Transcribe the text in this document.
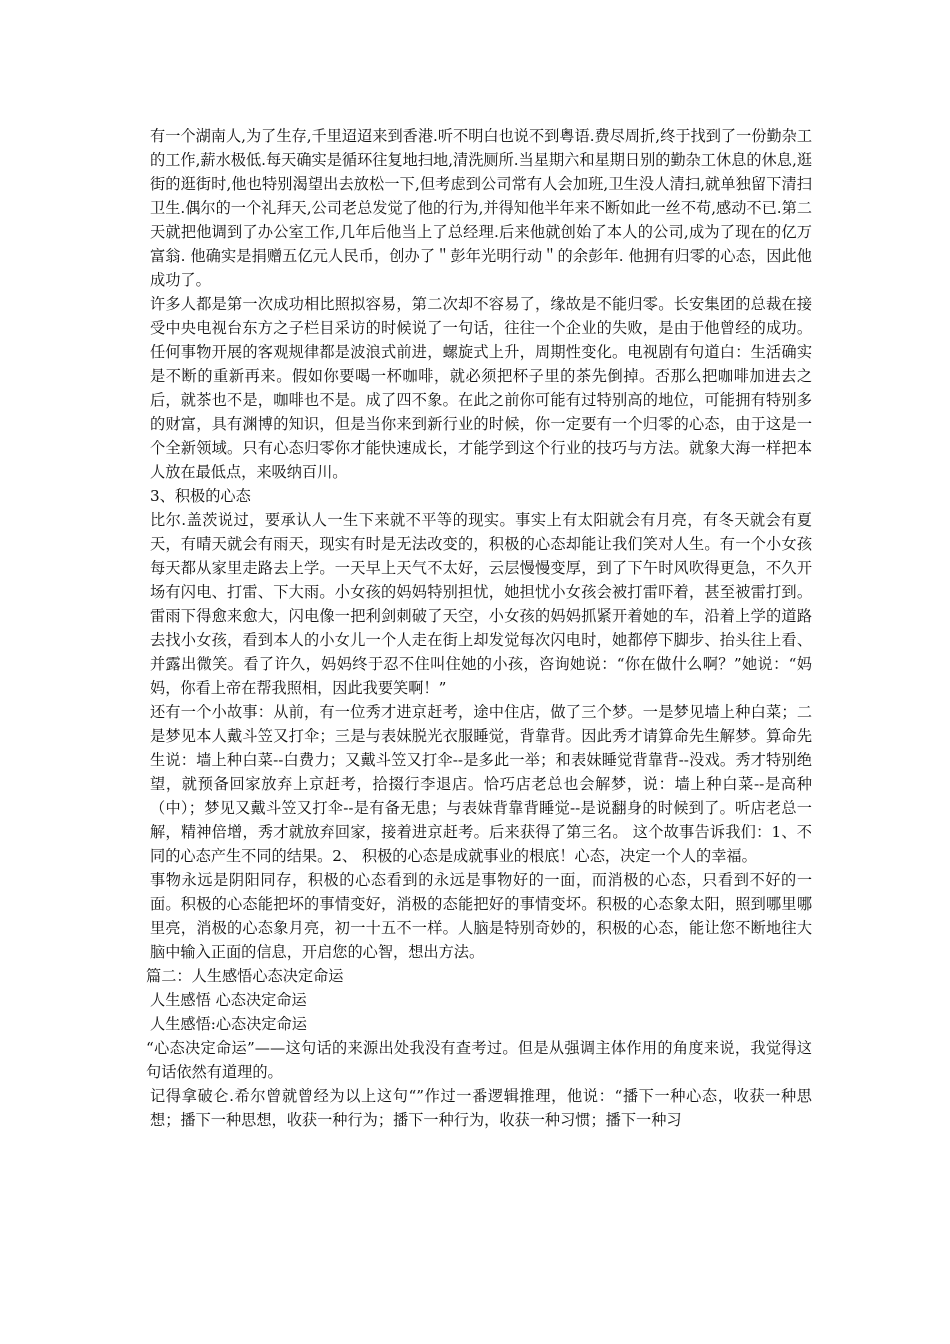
有一个湖南人,为了生存,千里迢迢来到香港.听不明白也说不到粤语.费尽周折,终于找到了一份勤杂工的工作,薪水极低.每天确实是循环往复地扫地,清洗厕所.当星期六和星期日别的勤杂工休息的休息,逛街的逛街时,他也特别渴望出去放松一下,但考虑到公司常有人会加班,卫生没人清扫,就单独留下清扫卫生.偶尔的一个礼拜天,公司老总发觉了他的行为,并得知他半年来不断如此一丝不苟,感动不已.第二天就把他调到了办公室工作,几年后他当上了总经理.后来他就创始了本人的公司,成为了现在的亿万富翁. 他确实是捐赠五亿元人民币，创办了＂彭年光明行动＂的余彭年. 他拥有归零的心态，因此他成功了。

许多人都是第一次成功相比照拟容易，第二次却不容易了，缘故是不能归零。长安集团的总裁在接受中央电视台东方之子栏目采访的时候说了一句话，往往一个企业的失败，是由于他曾经的成功。任何事物开展的客观规律都是波浪式前进，螺旋式上升，周期性变化。电视剧有句道白：生活确实是不断的重新再来。假如你要喝一杯咖啡，就必须把杯子里的茶先倒掉。否那么把咖啡加进去之后，就茶也不是，咖啡也不是。成了四不象。在此之前你可能有过特别高的地位，可能拥有特别多的财富，具有渊博的知识，但是当你来到新行业的时候，你一定要有一个归零的心态，由于这是一个全新领域。只有心态归零你才能快速成长，才能学到这个行业的技巧与方法。就象大海一样把本人放在最低点，来吸纳百川。

3、积极的心态

比尔.盖茨说过，要承认人一生下来就不平等的现实。事实上有太阳就会有月亮，有冬天就会有夏天，有晴天就会有雨天，现实有时是无法改变的，积极的心态却能让我们笑对人生。有一个小女孩每天都从家里走路去上学。一天早上天气不太好，云层慢慢变厚，到了下午时风吹得更急，不久开场有闪电、打雷、下大雨。小女孩的妈妈特别担忧，她担忧小女孩会被打雷吓着，甚至被雷打到。雷雨下得愈来愈大，闪电像一把利剑刺破了天空，小女孩的妈妈抓紧开着她的车，沿着上学的道路去找小女孩，看到本人的小女儿一个人走在街上却发觉每次闪电时，她都停下脚步、抬头往上看、并露出微笑。看了许久，妈妈终于忍不住叫住她的小孩，咨询她说：“你在做什么啊？”她说：“妈妈，你看上帝在帮我照相，因此我要笑啊！”

还有一个小故事：从前，有一位秀才进京赶考，途中住店，做了三个梦。一是梦见墙上种白菜；二是梦见本人戴斗笠又打伞；三是与表妹脱光衣服睡觉，背靠背。因此秀才请算命先生解梦。算命先生说：墙上种白菜--白费力；又戴斗笠又打伞--是多此一举；和表妹睡觉背靠背--没戏。秀才特别绝望，就预备回家放弃上京赶考，拾掇行李退店。恰巧店老总也会解梦，说：墙上种白菜--是高种（中）；梦见又戴斗笠又打伞--是有备无患；与表妹背靠背睡觉--是说翻身的时候到了。听店老总一解，精神倍增，秀才就放弃回家，接着进京赶考。后来获得了第三名。 这个故事告诉我们：1、不同的心态产生不同的结果。2、 积极的心态是成就事业的根底！心态，决定一个人的幸福。

事物永远是阴阳同存，积极的心态看到的永远是事物好的一面，而消极的心态，只看到不好的一面。积极的心态能把坏的事情变好，消极的态能把好的事情变坏。积极的心态象太阳，照到哪里哪里亮，消极的心态象月亮，初一十五不一样。人脑是特别奇妙的，积极的心态，能让您不断地往大脑中输入正面的信息，开启您的心智，想出方法。

篇二：人生感悟心态决定命运

人生感悟 心态决定命运

人生感悟:心态决定命运

“心态决定命运”——这句话的来源出处我没有查考过。但是从强调主体作用的角度来说，我觉得这句话依然有道理的。

记得拿破仑.希尔曾就曾经为以上这句“”作过一番逻辑推理，他说：“播下一种心态，收获一种思想；播下一种思想，收获一种行为；播下一种行为，收获一种习惯；播下一种习
